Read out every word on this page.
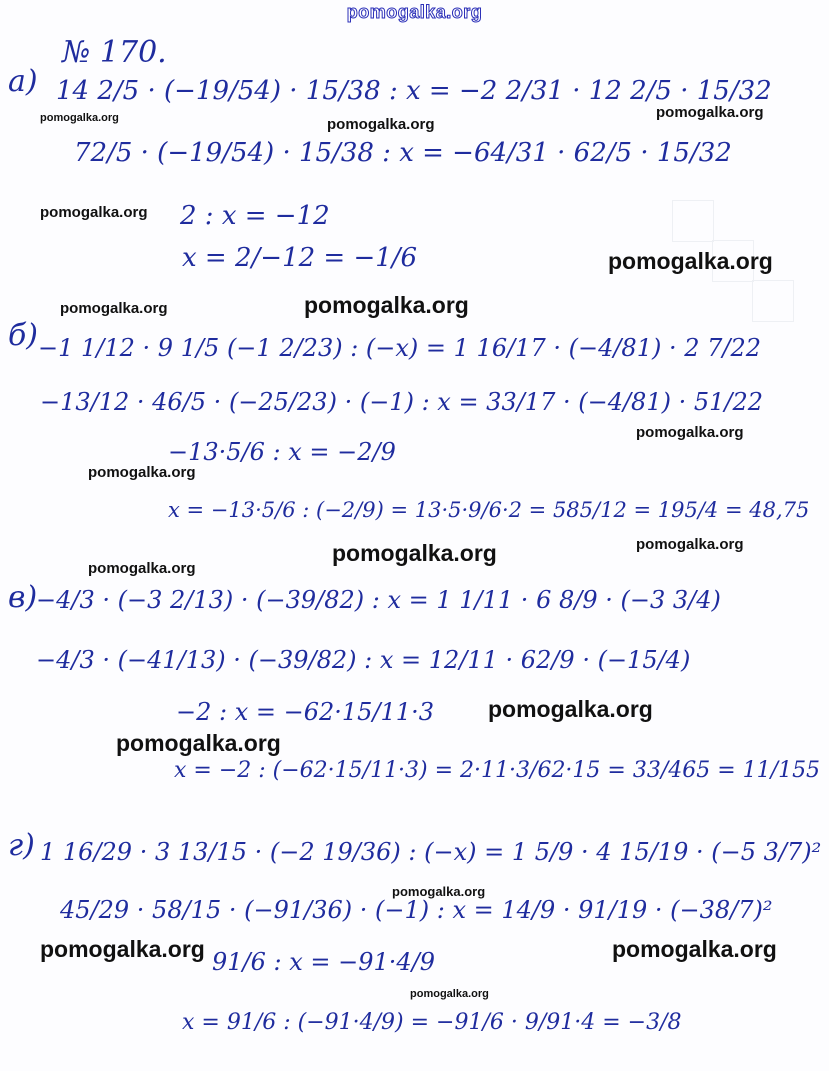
pomogalka.org
№ 170.
а) 14 2/5 · (−19/54) · 15/38 : x = −2 2/31 · 12 2/5 · 15/32
72/5 · (−19/54) · 15/38 : x = −64/31 · 62/5 · 15/32
2 : x = −12
x = 2/−12 = −1/6
б) −1 1/12 · 9 1/5 (−1 2/23) : (−x) = 1 16/17 · (−4/81) · 2 7/22
−13/12 · 46/5 · (−25/23) · (−1) : x = 33/17 · (−4/81) · 51/22
−13·5/6 : x = −2/9
x = −13·5/6 : (−2/9) = 13·5·9/6·2 = 585/12 = 195/4 = 48,75
в)
−4/3 · (−3 2/13) · (−39/82) : x = 1 1/11 · 6 8/9 · (−3 3/4)
−4/3 · (−41/13) · (−39/82) : x = 12/11 · 62/9 · (−15/4)
−2 : x = −62·15/11·3
x = −2 : (−62·15/11·3) = 2·11·3/62·15 = 33/465 = 11/155
г) 1 16/29 · 3 13/15 · (−2 19/36) : (−x) = 1 5/9 · 4 15/19 · (−5 3/7)²
45/29 · 58/15 · (−91/36) · (−1) : x = 14/9 · 91/19 · (−38/7)²
91/6 : x = −91·4/9
x = 91/6 : (−91·4/9) = −91/6 · 9/91·4 = −3/8
pomogalka.org	pomogalka.org
pomogalka.org
pomogalka.org
pomogalka.org
pomogalka.org	pomogalka.org
pomogalka.org
pomogalka.org
pomogalka.org	pomogalka.org
pomogalka.org
pomogalka.org
pomogalka.org
pomogalka.org
pomogalka.org	pomogalka.org
pomogalka.org
